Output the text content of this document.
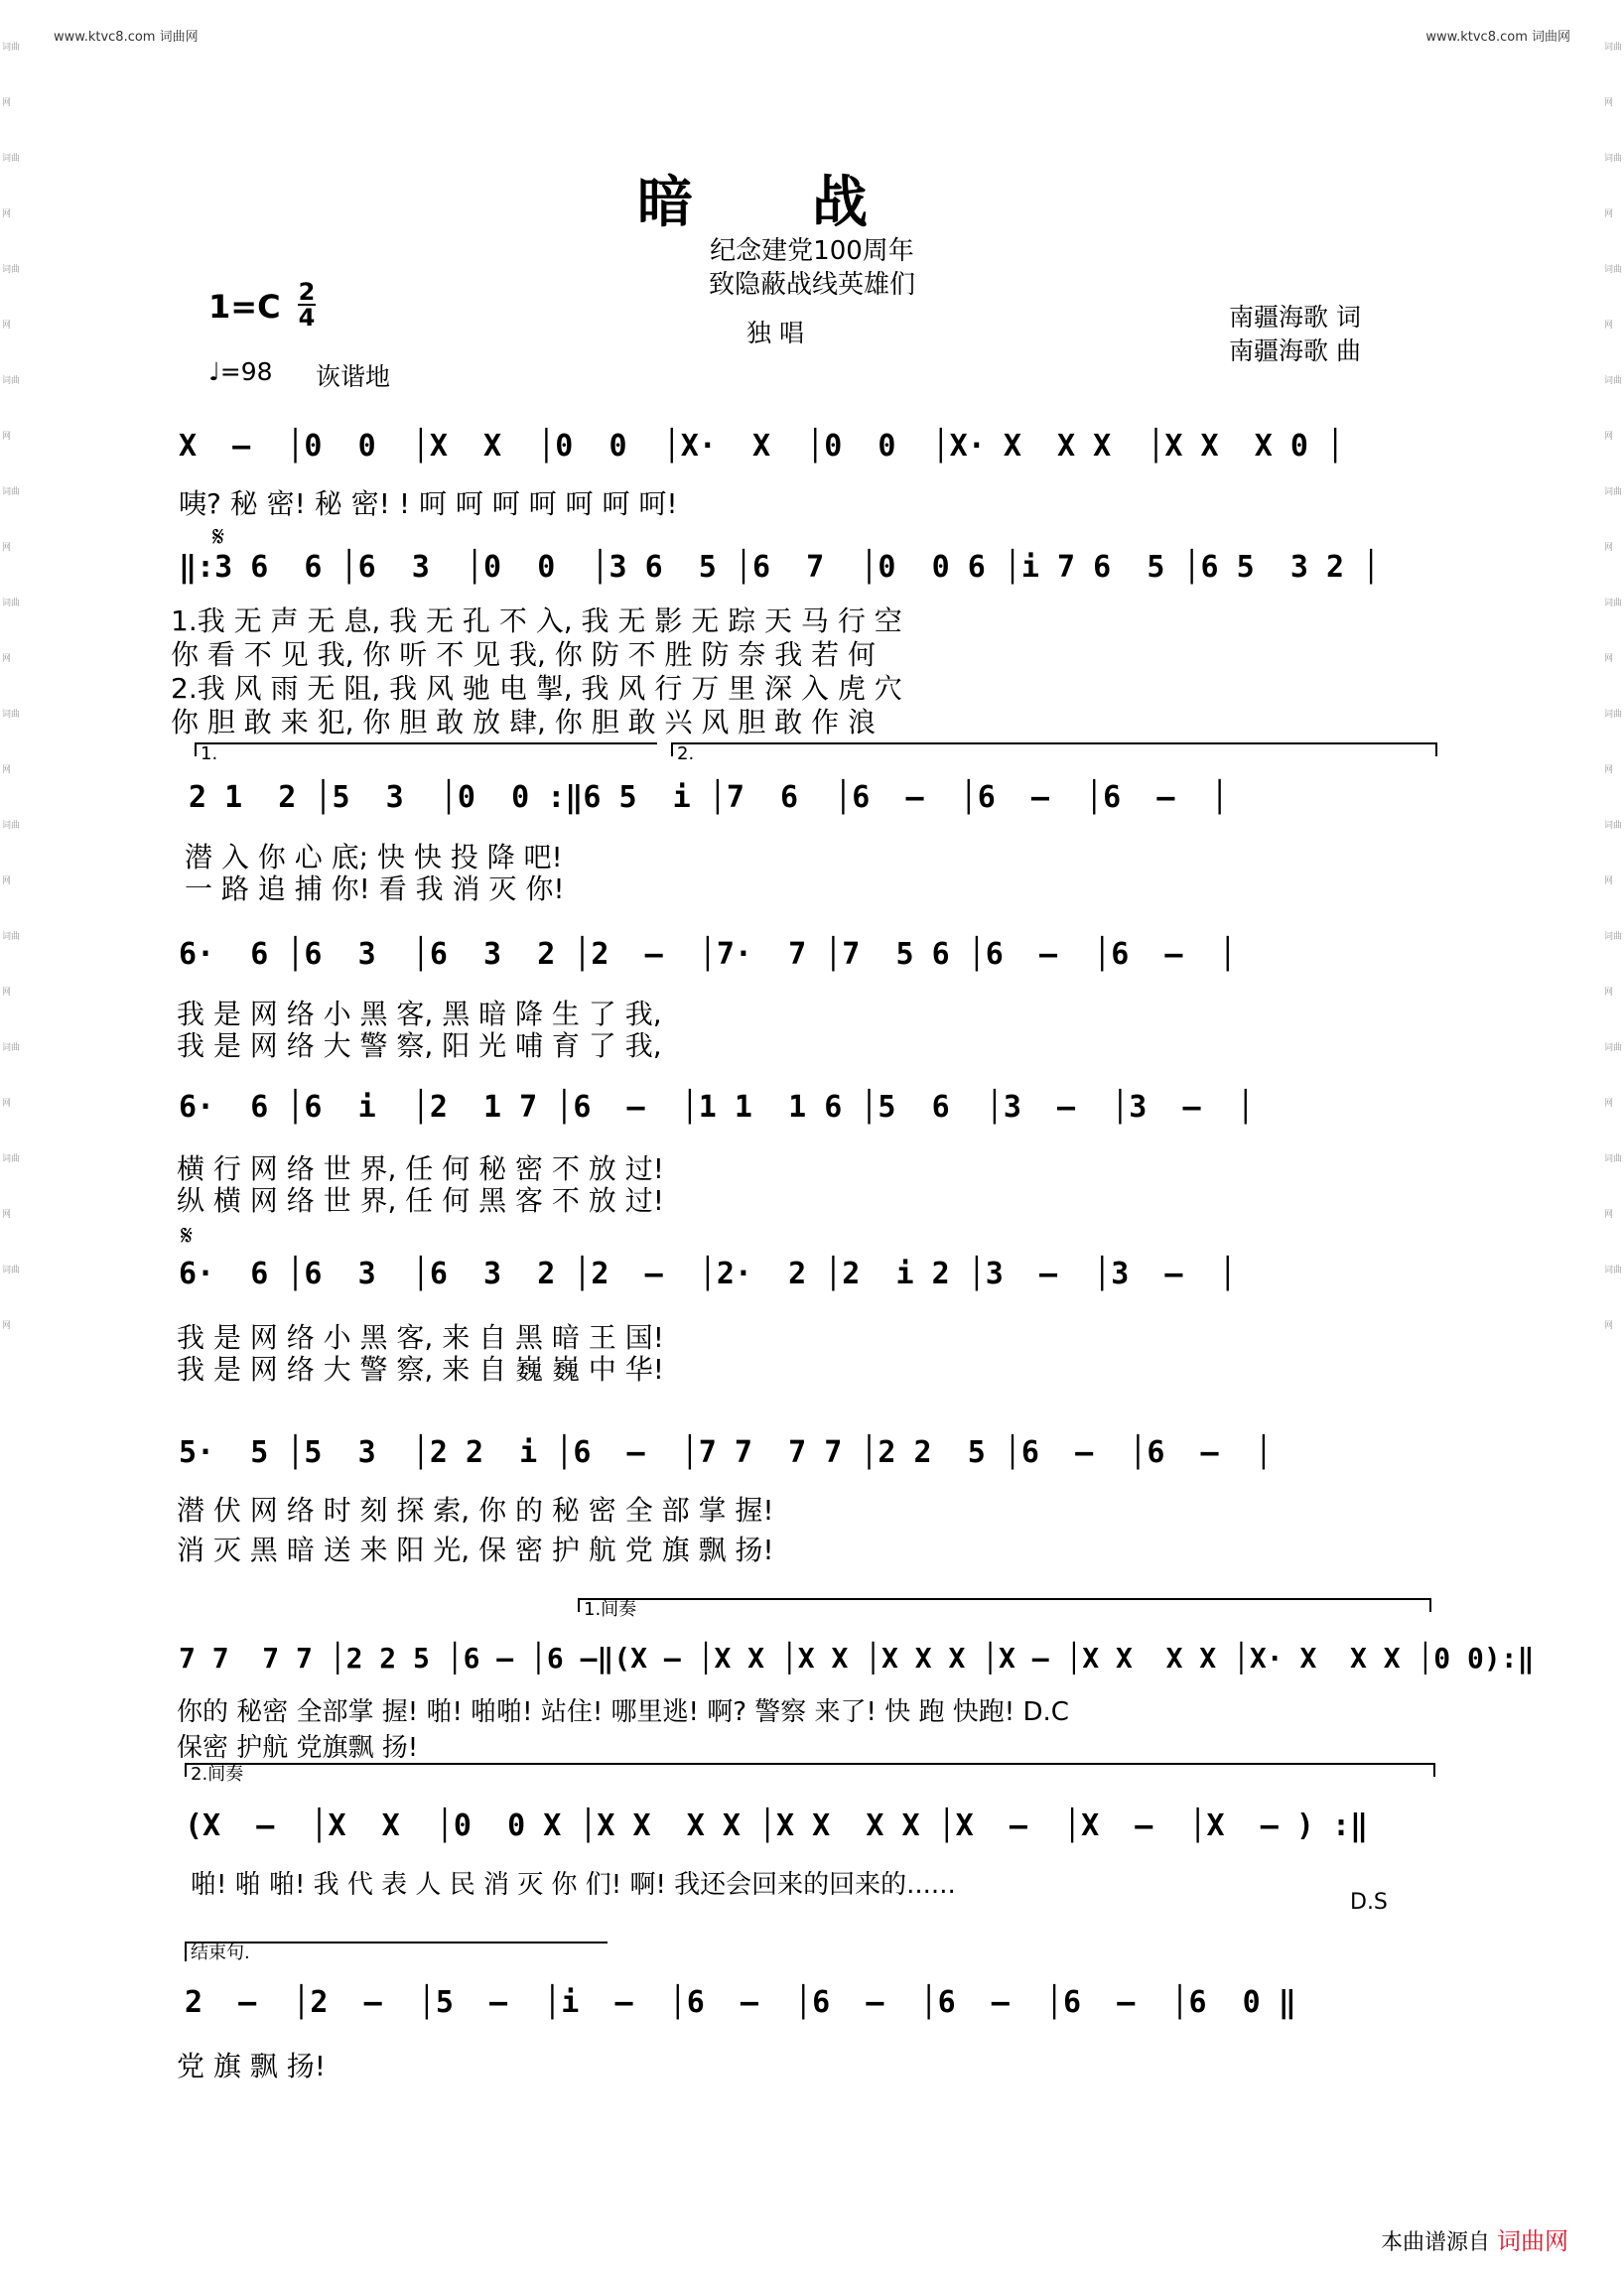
www.ktvc8.com 词曲网	www.ktvc8.com 词曲网
词曲网
词曲网
词曲网
词曲网
词曲网
词曲网
词曲网
词曲网
词曲网
词曲网
词曲网
词曲网
词曲网
词曲网
词曲网
词曲网
词曲网
词曲网
词曲网
词曲网
词曲网
词曲网
词曲网
词曲网
暗战
纪念建党100周年
致隐蔽战线英雄们
1=C 2
4
独 唱
南疆海歌 词
南疆海歌 曲
♩=98 诙谐地
X  –  │0  0  │X  X  │0  0  │X·  X  │0  0  │X· X  X X  │X X  X 0 │
咦? 秘 密! 秘 密! ! 呵 呵 呵 呵 呵 呵 呵!
𝄋
‖:3 6  6 │6  3  │0  0  │3 6  5 │6  7  │0  0 6 │i 7 6  5 │6 5  3 2 │
1.我 无 声 无 息, 我 无 孔 不 入, 我 无 影 无 踪 天 马 行 空
你 看 不 见 我, 你 听 不 见 我, 你 防 不 胜 防 奈 我 若 何
2.我 风 雨 无 阻, 我 风 驰 电 掣, 我 风 行 万 里 深 入 虎 穴
你 胆 敢 来 犯, 你 胆 敢 放 肆, 你 胆 敢 兴 风 胆 敢 作 浪
1.	2.
2 1  2 │5  3  │0  0 :‖6 5  i │7  6  │6  –  │6  –  │6  –  │
潜 入 你 心 底; 快 快 投 降 吧!
一 路 追 捕 你! 看 我 消 灭 你!
6·  6 │6  3  │6  3  2 │2  –  │7·  7 │7  5 6 │6  –  │6  –  │
我 是 网 络 小 黑 客, 黑 暗 降 生 了 我,
我 是 网 络 大 警 察, 阳 光 哺 育 了 我,
6·  6 │6  i  │2  1 7 │6  –  │1 1  1 6 │5  6  │3  –  │3  –  │
横 行 网 络 世 界, 任 何 秘 密 不 放 过!
纵 横 网 络 世 界, 任 何 黑 客 不 放 过!
𝄋
6·  6 │6  3  │6  3  2 │2  –  │2·  2 │2  i 2 │3  –  │3  –  │
我 是 网 络 小 黑 客, 来 自 黑 暗 王 国!
我 是 网 络 大 警 察, 来 自 巍 巍 中 华!
5·  5 │5  3  │2 2  i │6  –  │7 7  7 7 │2 2  5 │6  –  │6  –  │
潜 伏 网 络 时 刻 探 索, 你 的 秘 密 全 部 掌 握!
消 灭 黑 暗 送 来 阳 光, 保 密 护 航 党 旗 飘 扬!
1.间奏
7 7  7 7 │2 2 5 │6 – │6 –‖(X – │X X │X X │X X X │X – │X X  X X │X· X  X X │0 0):‖
你的 秘密 全部掌 握! 啪! 啪啪! 站住! 哪里逃! 啊? 警察 来了! 快 跑 快跑! D.C
保密 护航 党旗飘 扬!
2.间奏
(X  –  │X  X  │0  0 X │X X  X X │X X  X X │X  –  │X  –  │X  – ) :‖
啪! 啪 啪! 我 代 表 人 民 消 灭 你 们! 啊! 我还会回来的回来的......
D.S
结束句.
2  –  │2  –  │5  –  │i  –  │6  –  │6  –  │6  –  │6  –  │6  0 ‖
党 旗 飘 扬!
本曲谱源自 词曲网
